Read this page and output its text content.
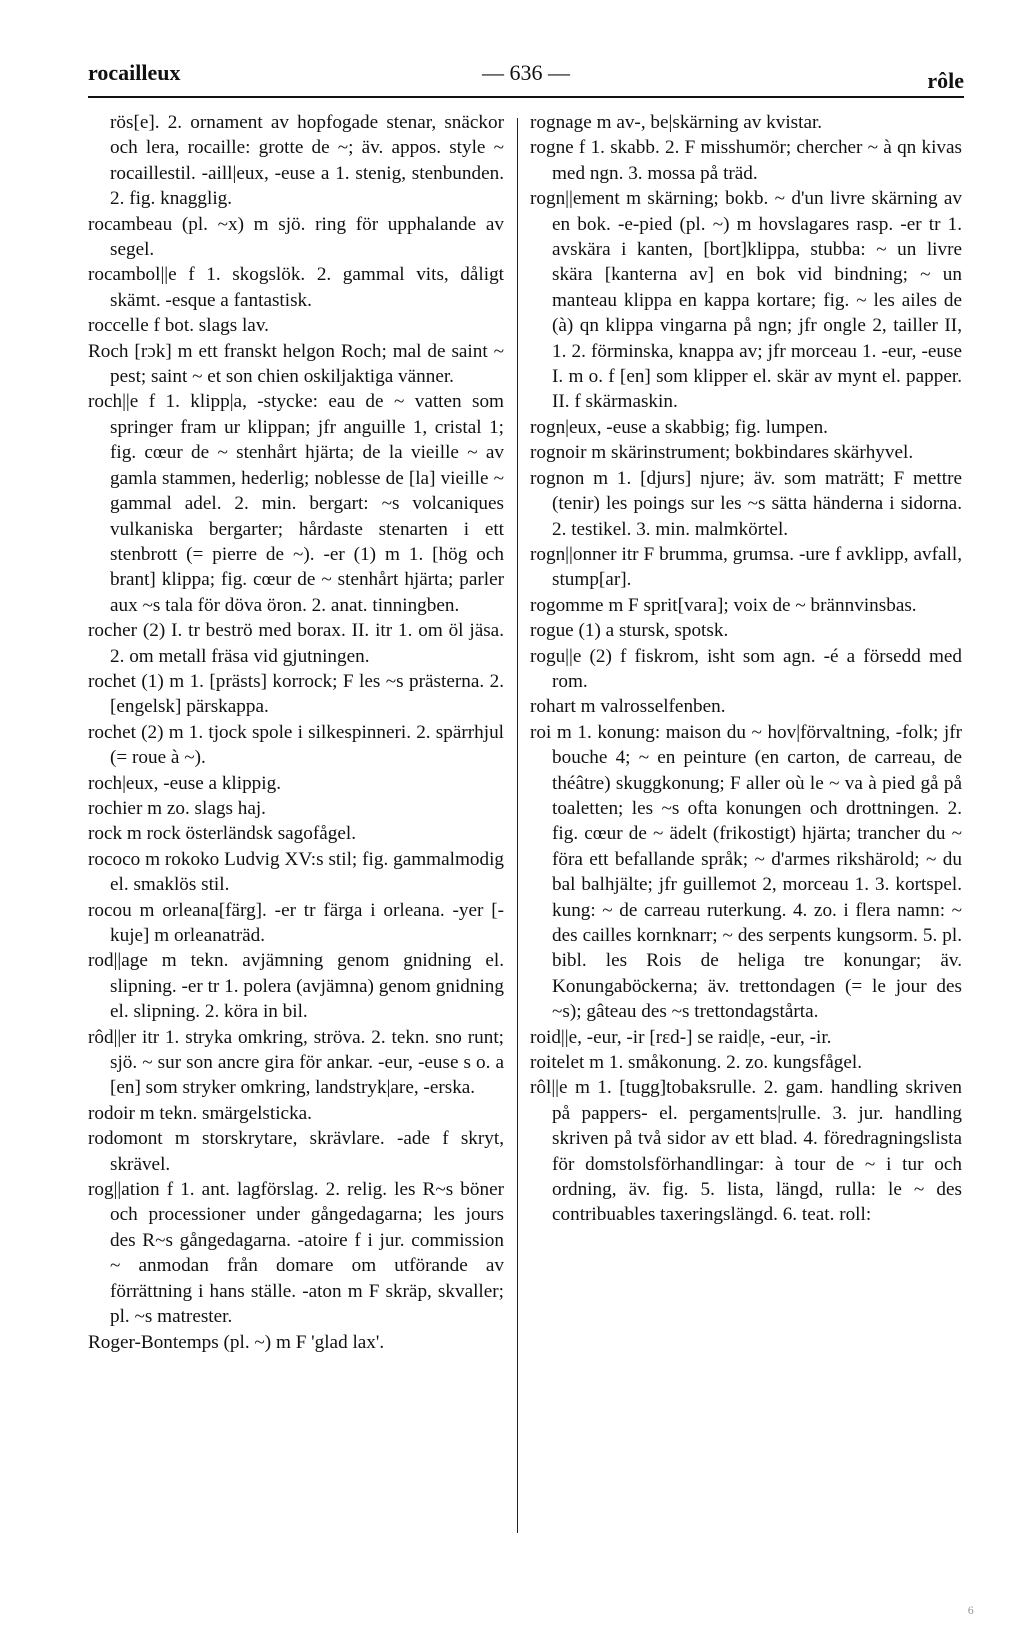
rocailleux	— 636 —	rôle

rös[e]. 2. ornament av hopfogade stenar, snäckor och lera, rocaille: grotte de ~; äv. appos. style ~ rocaillestil. -aill|eux, -euse a 1. stenig, stenbunden. 2. fig. knagglig.

rocambeau (pl. ~x) m sjö. ring för upphalande av segel.

rocambol||e f 1. skogslök. 2. gammal vits, dåligt skämt. -esque a fantastisk.

roccelle f bot. slags lav.

Roch [rɔk] m ett franskt helgon Roch; mal de saint ~ pest; saint ~ et son chien oskiljaktiga vänner.

roch||e f 1. klipp|a, -stycke: eau de ~ vatten som springer fram ur klippan; jfr anguille 1, cristal 1; fig. cœur de ~ stenhårt hjärta; de la vieille ~ av gamla stammen, hederlig; noblesse de [la] vieille ~ gammal adel. 2. min. bergart: ~s volcaniques vulkaniska bergarter; hårdaste stenarten i ett stenbrott (= pierre de ~). -er (1) m 1. [hög och brant] klippa; fig. cœur de ~ stenhårt hjärta; parler aux ~s tala för döva öron. 2. anat. tinningben.

rocher (2) I. tr beströ med borax. II. itr 1. om öl jäsa. 2. om metall fräsa vid gjutningen.

rochet (1) m 1. [prästs] korrock; F les ~s prästerna. 2. [engelsk] pärskappa.

rochet (2) m 1. tjock spole i silkespinneri. 2. spärrhjul (= roue à ~).

roch|eux, -euse a klippig.

rochier m zo. slags haj.

rock m rock österländsk sagofågel.

rococo m rokoko Ludvig XV:s stil; fig. gammalmodig el. smaklös stil.

rocou m orleana[färg]. -er tr färga i orleana. -yer [-kuje] m orleanaträd.

rod||age m tekn. avjämning genom gnidning el. slipning. -er tr 1. polera (avjämna) genom gnidning el. slipning. 2. köra in bil.

rôd||er itr 1. stryka omkring, ströva. 2. tekn. sno runt; sjö. ~ sur son ancre gira för ankar. -eur, -euse s o. a [en] som stryker omkring, landstryk|are, -erska.

rodoir m tekn. smärgelsticka.

rodomont m storskrytare, skrävlare. -ade f skryt, skrävel.

rog||ation f 1. ant. lagförslag. 2. relig. les R~s böner och processioner under gångedagarna; les jours des R~s gångedagarna. -atoire f i jur. commission ~ anmodan från domare om utförande av förrättning i hans ställe. -aton m F skräp, skvaller; pl. ~s matrester.

Roger-Bontemps (pl. ~) m F 'glad lax'.

rognage m av-, be|skärning av kvistar.

rogne f 1. skabb. 2. F misshumör; chercher ~ à qn kivas med ngn. 3. mossa på träd.

rogn||ement m skärning; bokb. ~ d'un livre skärning av en bok. -e-pied (pl. ~) m hovslagares rasp. -er tr 1. avskära i kanten, [bort]klippa, stubba: ~ un livre skära [kanterna av] en bok vid bindning; ~ un manteau klippa en kappa kortare; fig. ~ les ailes de (à) qn klippa vingarna på ngn; jfr ongle 2, tailler II, 1. 2. förminska, knappa av; jfr morceau 1. -eur, -euse I. m o. f [en] som klipper el. skär av mynt el. papper. II. f skärmaskin.

rogn|eux, -euse a skabbig; fig. lumpen.

rognoir m skärinstrument; bokbindares skärhyvel.

rognon m 1. [djurs] njure; äv. som maträtt; F mettre (tenir) les poings sur les ~s sätta händerna i sidorna. 2. testikel. 3. min. malmkörtel.

rogn||onner itr F brumma, grumsa. -ure f avklipp, avfall, stump[ar].

rogomme m F sprit[vara]; voix de ~ brännvinsbas.

rogue (1) a stursk, spotsk.

rogu||e (2) f fiskrom, isht som agn. -é a försedd med rom.

rohart m valrosselfenben.

roi m 1. konung: maison du ~ hov|förvaltning, -folk; jfr bouche 4; ~ en peinture (en carton, de carreau, de théâtre) skuggkonung; F aller où le ~ va à pied gå på toaletten; les ~s ofta konungen och drottningen. 2. fig. cœur de ~ ädelt (frikostigt) hjärta; trancher du ~ föra ett befallande språk; ~ d'armes rikshärold; ~ du bal balhjälte; jfr guillemot 2, morceau 1. 3. kortspel. kung: ~ de carreau ruterkung. 4. zo. i flera namn: ~ des cailles kornknarr; ~ des serpents kungsorm. 5. pl. bibl. les Rois de heliga tre konungar; äv. Konungaböckerna; äv. trettondagen (= le jour des ~s); gâteau des ~s trettondagstårta.

roid||e, -eur, -ir [rɛd-] se raid|e, -eur, -ir.

roitelet m 1. småkonung. 2. zo. kungsfågel.

rôl||e m 1. [tugg]tobaksrulle. 2. gam. handling skriven på pappers- el. pergaments|rulle. 3. jur. handling skriven på två sidor av ett blad. 4. föredragningslista för domstolsförhandlingar: à tour de ~ i tur och ordning, äv. fig. 5. lista, längd, rulla: le ~ des contribuables taxeringslängd. 6. teat. roll:

6
